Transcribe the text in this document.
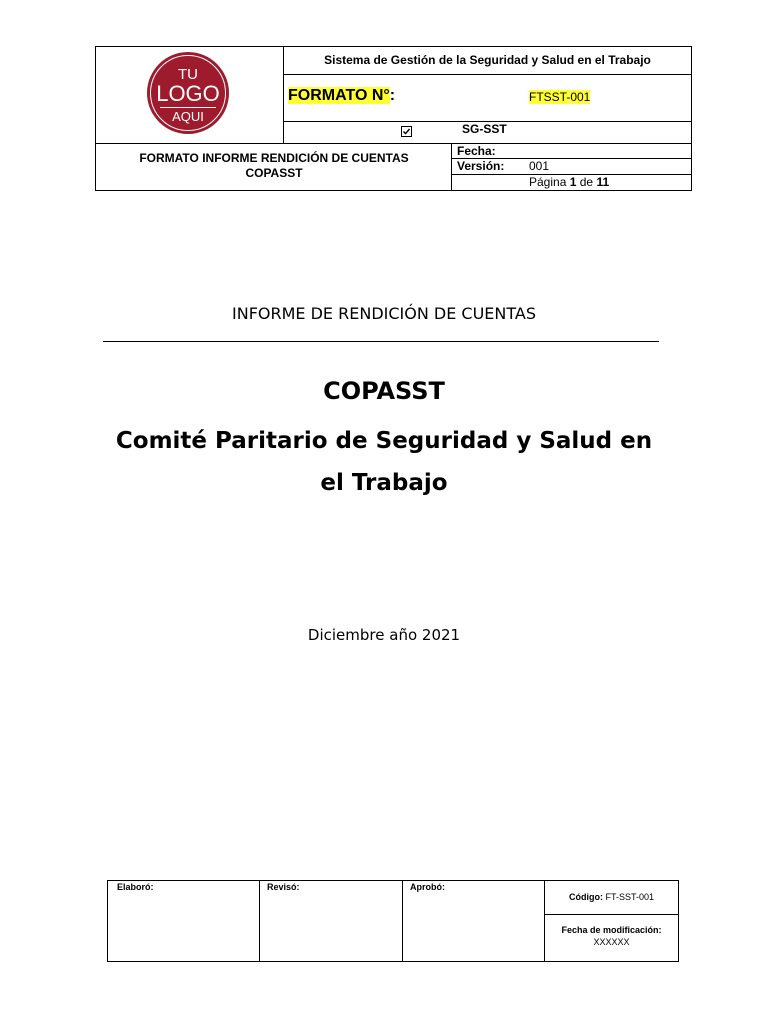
TU
LOGO
AQUI
Sistema de Gestión de la Seguridad y Salud en el Trabajo
FORMATO N°:	FTSST-001
SG-SST
FORMATO INFORME RENDICIÓN DE CUENTAS COPASST
Fecha:
Versión: 001
Página 1 de 11
INFORME DE RENDICIÓN DE CUENTAS
COPASST
Comité Paritario de Seguridad y Salud en
el Trabajo
Diciembre año 2021
Elaboró:	Revisó:	Aprobó:
Código: FT-SST-001
Fecha de modificación:
XXXXXX
